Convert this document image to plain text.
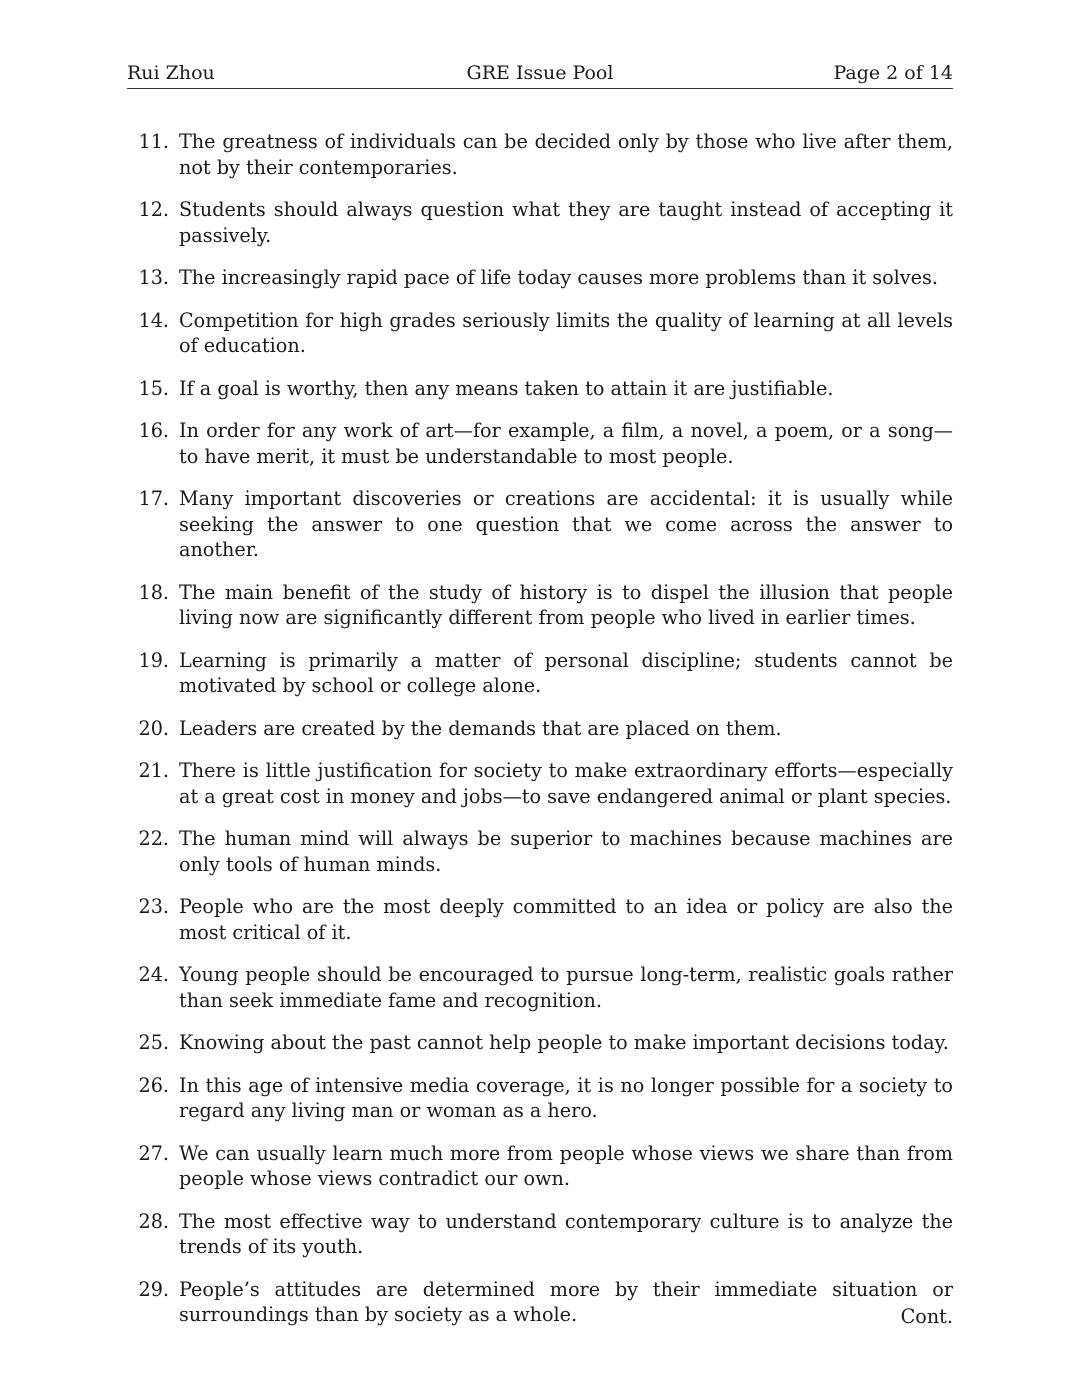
Rui Zhou	GRE Issue Pool	Page 2 of 14
11. The greatness of individuals can be decided only by those who live after them, not by their contemporaries.
12. Students should always question what they are taught instead of accepting it passively.
13. The increasingly rapid pace of life today causes more problems than it solves.
14. Competition for high grades seriously limits the quality of learning at all levels of education.
15. If a goal is worthy, then any means taken to attain it are justifiable.
16. In order for any work of art—for example, a film, a novel, a poem, or a song—to have merit, it must be understandable to most people.
17. Many important discoveries or creations are accidental: it is usually while seeking the answer to one question that we come across the answer to another.
18. The main benefit of the study of history is to dispel the illusion that people living now are significantly different from people who lived in earlier times.
19. Learning is primarily a matter of personal discipline; students cannot be motivated by school or college alone.
20. Leaders are created by the demands that are placed on them.
21. There is little justification for society to make extraordinary efforts—especially at a great cost in money and jobs—to save endangered animal or plant species.
22. The human mind will always be superior to machines because machines are only tools of human minds.
23. People who are the most deeply committed to an idea or policy are also the most critical of it.
24. Young people should be encouraged to pursue long-term, realistic goals rather than seek immediate fame and recognition.
25. Knowing about the past cannot help people to make important decisions today.
26. In this age of intensive media coverage, it is no longer possible for a society to regard any living man or woman as a hero.
27. We can usually learn much more from people whose views we share than from people whose views contradict our own.
28. The most effective way to understand contemporary culture is to analyze the trends of its youth.
29. People’s attitudes are determined more by their immediate situation or surroundings than by society as a whole.	Cont.
